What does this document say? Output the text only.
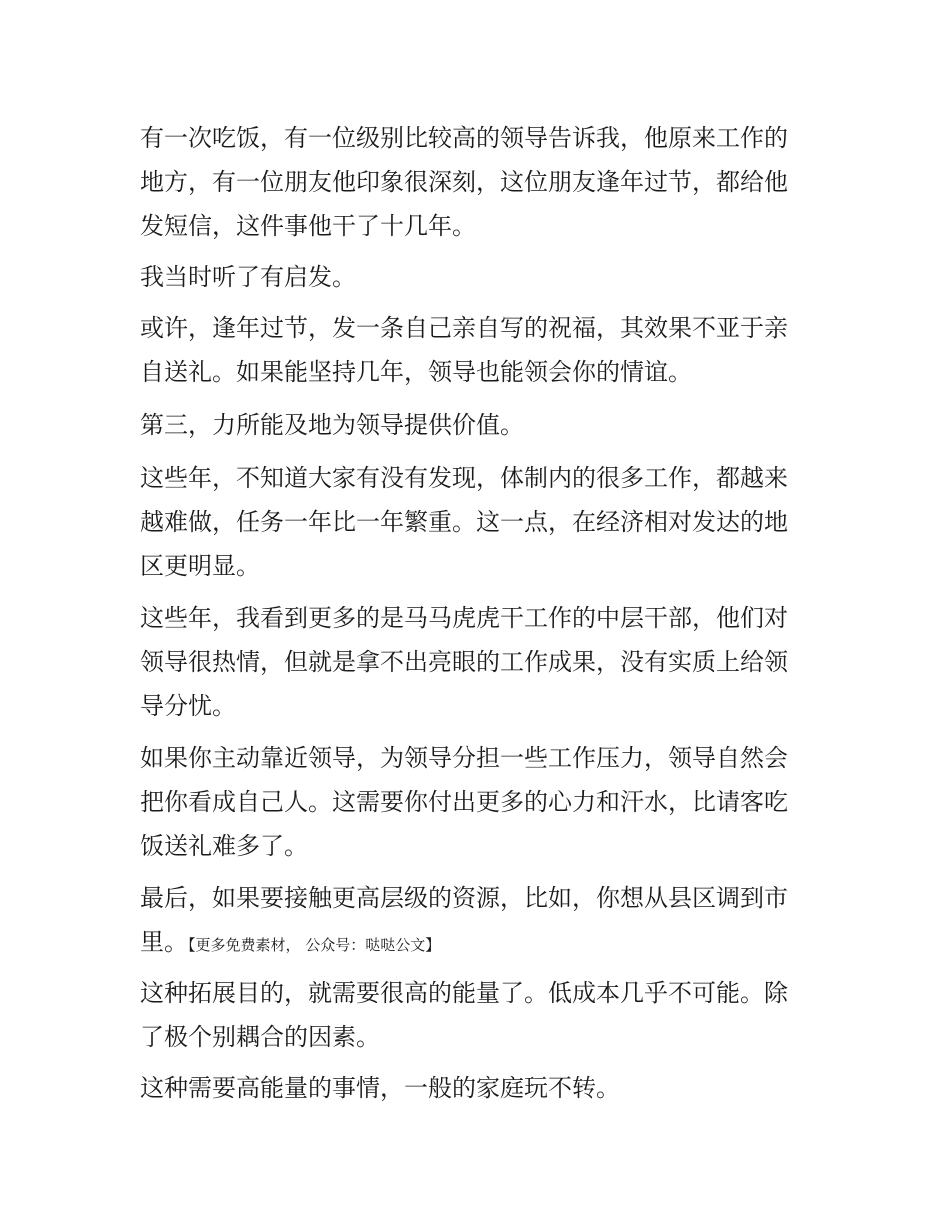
有一次吃饭，有一位级别比较高的领导告诉我，他原来工作的
地方，有一位朋友他印象很深刻，这位朋友逢年过节，都给他
发短信，这件事他干了十几年。

我当时听了有启发。

或许，逢年过节，发一条自己亲自写的祝福，其效果不亚于亲
自送礼。如果能坚持几年，领导也能领会你的情谊。

第三，力所能及地为领导提供价值。

这些年，不知道大家有没有发现，体制内的很多工作，都越来
越难做，任务一年比一年繁重。这一点，在经济相对发达的地
区更明显。

这些年，我看到更多的是马马虎虎干工作的中层干部，他们对
领导很热情，但就是拿不出亮眼的工作成果，没有实质上给领
导分忧。

如果你主动靠近领导，为领导分担一些工作压力，领导自然会
把你看成自己人。这需要你付出更多的心力和汗水，比请客吃
饭送礼难多了。

最后，如果要接触更高层级的资源，比如，你想从县区调到市
里。【更多免费素材， 公众号：哒哒公文】

这种拓展目的，就需要很高的能量了。低成本几乎不可能。除
了极个别耦合的因素。

这种需要高能量的事情，一般的家庭玩不转。
